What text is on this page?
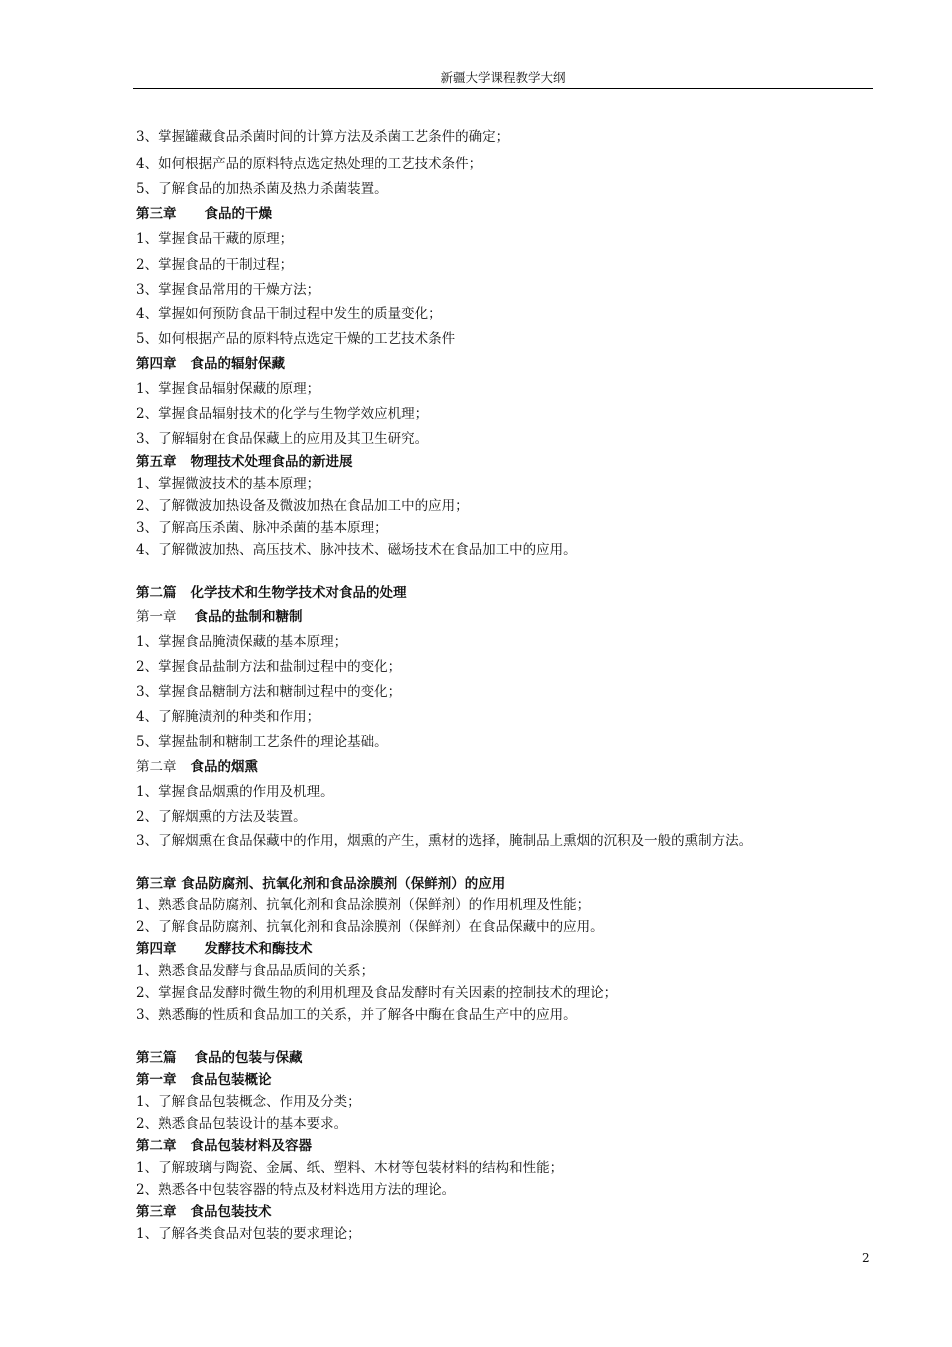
新疆大学课程教学大纲
3、掌握罐藏食品杀菌时间的计算方法及杀菌工艺条件的确定；
4、如何根据产品的原料特点选定热处理的工艺技术条件；
5、了解食品的加热杀菌及热力杀菌装置。
第三章 食品的干燥
1、掌握食品干藏的原理；
2、掌握食品的干制过程；
3、掌握食品常用的干燥方法；
4、掌握如何预防食品干制过程中发生的质量变化；
5、如何根据产品的原料特点选定干燥的工艺技术条件
第四章 食品的辐射保藏
1、掌握食品辐射保藏的原理；
2、掌握食品辐射技术的化学与生物学效应机理；
3、了解辐射在食品保藏上的应用及其卫生研究。
第五章 物理技术处理食品的新进展
1、掌握微波技术的基本原理；
2、了解微波加热设备及微波加热在食品加工中的应用；
3、了解高压杀菌、脉冲杀菌的基本原理；
4、了解微波加热、高压技术、脉冲技术、磁场技术在食品加工中的应用。
第二篇 化学技术和生物学技术对食品的处理
第一章 食品的盐制和糖制
1、掌握食品腌渍保藏的基本原理；
2、掌握食品盐制方法和盐制过程中的变化；
3、掌握食品糖制方法和糖制过程中的变化；
4、了解腌渍剂的种类和作用；
5、掌握盐制和糖制工艺条件的理论基础。
第二章 食品的烟熏
1、掌握食品烟熏的作用及机理。
2、了解烟熏的方法及装置。
3、了解烟熏在食品保藏中的作用，烟熏的产生，熏材的选择，腌制品上熏烟的沉积及一般的熏制方法。
第三章 食品防腐剂、抗氧化剂和食品涂膜剂（保鲜剂）的应用
1、熟悉食品防腐剂、抗氧化剂和食品涂膜剂（保鲜剂）的作用机理及性能；
2、了解食品防腐剂、抗氧化剂和食品涂膜剂（保鲜剂）在食品保藏中的应用。
第四章 发酵技术和酶技术
1、熟悉食品发酵与食品品质间的关系；
2、掌握食品发酵时微生物的利用机理及食品发酵时有关因素的控制技术的理论；
3、熟悉酶的性质和食品加工的关系，并了解各中酶在食品生产中的应用。
第三篇 食品的包装与保藏
第一章 食品包装概论
1、了解食品包装概念、作用及分类；
2、熟悉食品包装设计的基本要求。
第二章 食品包装材料及容器
1、了解玻璃与陶瓷、金属、纸、塑料、木材等包装材料的结构和性能；
2、熟悉各中包装容器的特点及材料选用方法的理论。
第三章 食品包装技术
1、了解各类食品对包装的要求理论；
2
